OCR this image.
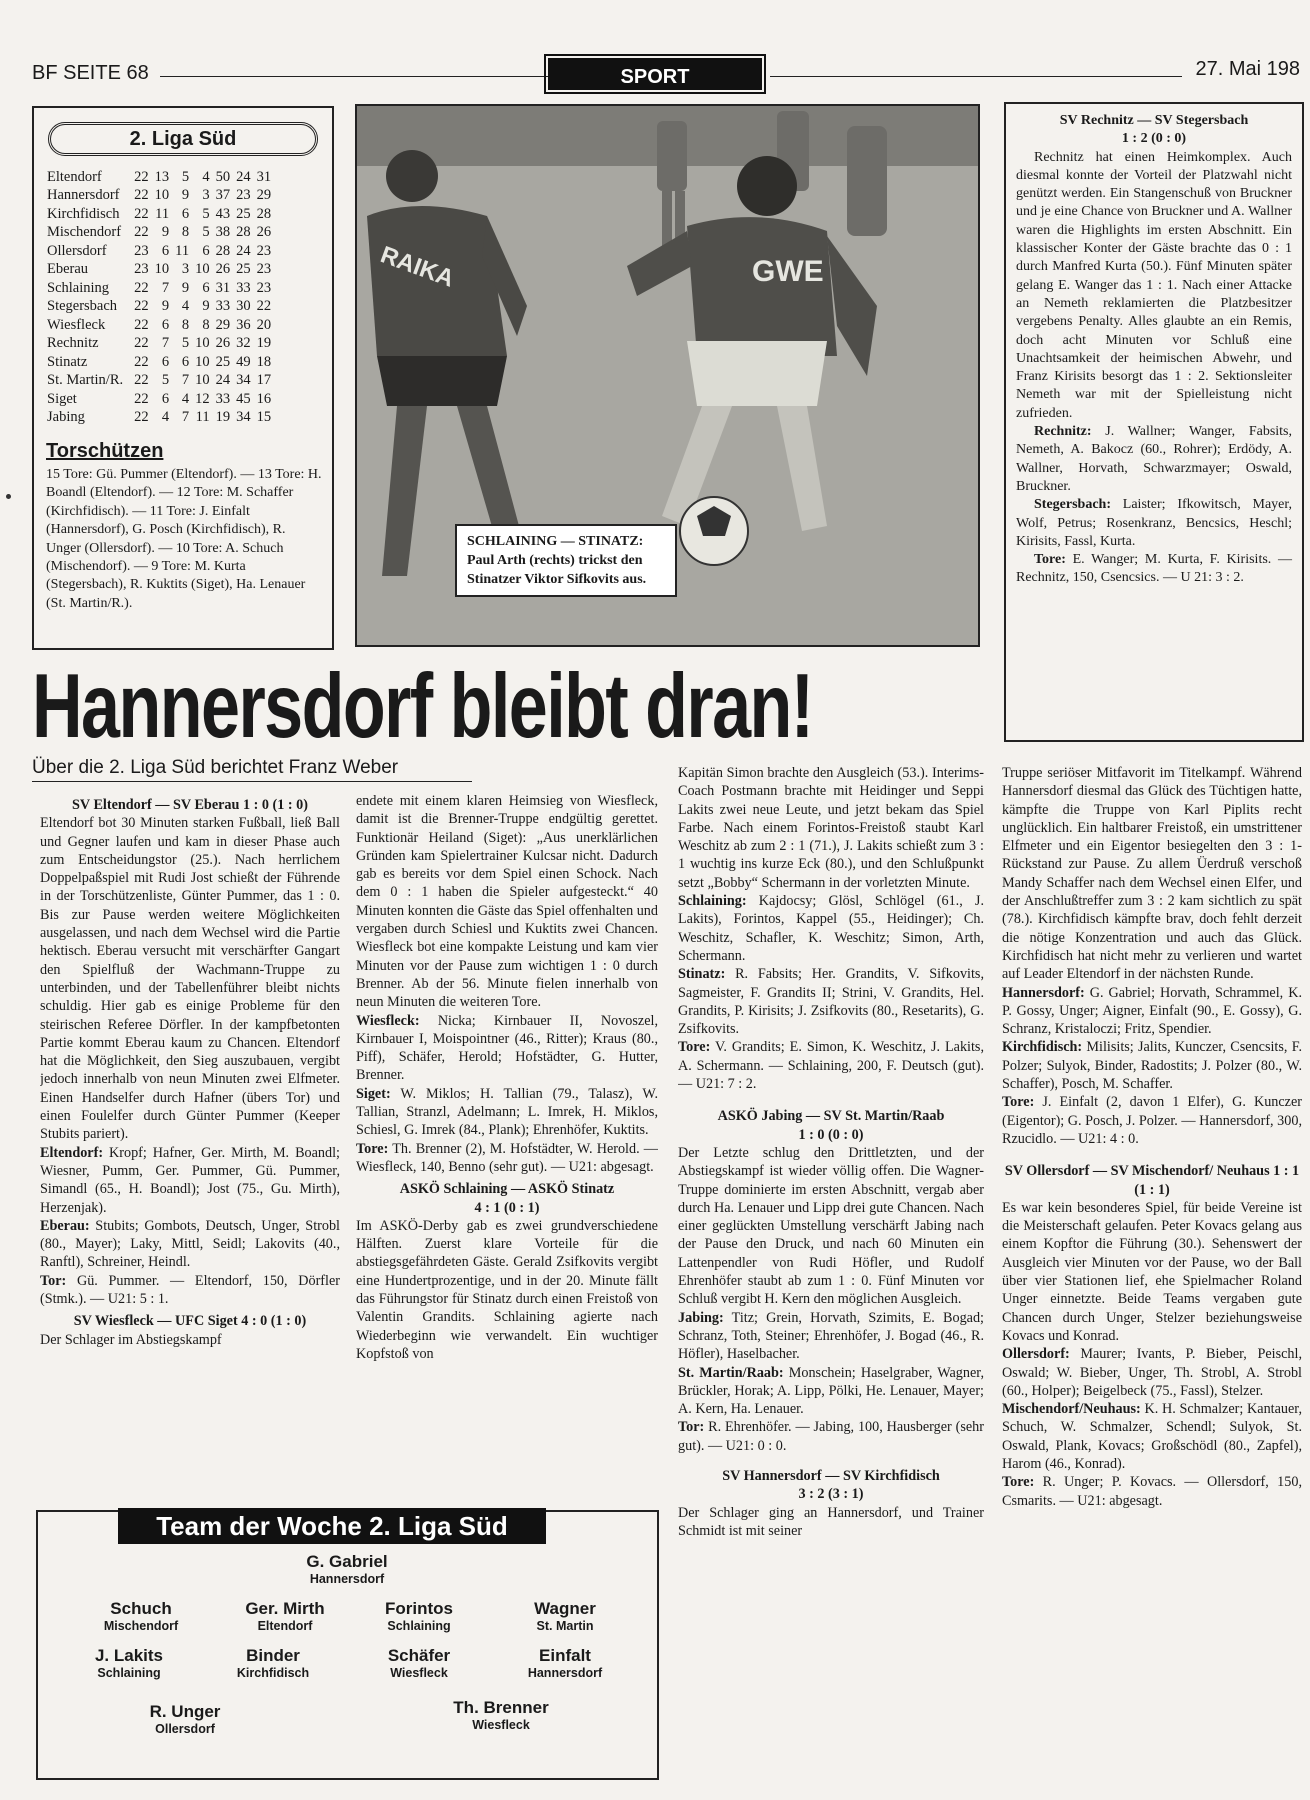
BF SEITE 68	SPORT	27. Mai 198
2. Liga Süd
Eltendorf	22	13	5	4	50	24	31
Hannersdorf	22	10	9	3	37	23	29
Kirchfidisch	22	11	6	5	43	25	28
Mischendorf	22	9	8	5	38	28	26
Ollersdorf	23	6	11	6	28	24	23
Eberau	23	10	3	10	26	25	23
Schlaining	22	7	9	6	31	33	23
Stegersbach	22	9	4	9	33	30	22
Wiesfleck	22	6	8	8	29	36	20
Rechnitz	22	7	5	10	26	32	19
Stinatz	22	6	6	10	25	49	18
St. Martin/R.	22	5	7	10	24	34	17
Siget	22	6	4	12	33	45	16
Jabing	22	4	7	11	19	34	15
Torschützen
15 Tore: Gü. Pummer (Eltendorf). — 13 Tore: H. Boandl (Eltendorf). — 12 Tore: M. Schaffer (Kirchfidisch). — 11 Tore: J. Einfalt (Hannersdorf), G. Posch (Kirchfidisch), R. Unger (Ollersdorf). — 10 Tore: A. Schuch (Mischendorf). — 9 Tore: M. Kurta (Stegersbach), R. Kuktits (Siget), Ha. Lenauer (St. Martin/R.).
RAIKA	GWE
SCHLAINING — STINATZ: Paul Arth (rechts) trickst den Stinatzer Viktor Sifkovits aus.
SV Rechnitz — SV Stegersbach
1 : 2 (0 : 0)
Rechnitz hat einen Heimkomplex. Auch diesmal konnte der Vorteil der Platzwahl nicht genützt werden. Ein Stangenschuß von Bruckner und je eine Chance von Bruckner und A. Wallner waren die Highlights im ersten Abschnitt. Ein klassischer Konter der Gäste brachte das 0 : 1 durch Manfred Kurta (50.). Fünf Minuten später gelang E. Wanger das 1 : 1. Nach einer Attacke an Nemeth reklamierten die Platzbesitzer vergebens Penalty. Alles glaubte an ein Remis, doch acht Minuten vor Schluß eine Unachtsamkeit der heimischen Abwehr, und Franz Kirisits besorgt das 1 : 2. Sektionsleiter Nemeth war mit der Spielleistung nicht zufrieden.
Rechnitz: J. Wallner; Wanger, Fabsits, Nemeth, A. Bakocz (60., Rohrer); Erdödy, A. Wallner, Horvath, Schwarzmayer; Oswald, Bruckner.
Stegersbach: Laister; Ifkowitsch, Mayer, Wolf, Petrus; Rosenkranz, Bencsics, Heschl; Kirisits, Fassl, Kurta.
Tore: E. Wanger; M. Kurta, F. Kirisits. — Rechnitz, 150, Csencsics. — U 21: 3 : 2.
Hannersdorf bleibt dran!
Über die 2. Liga Süd berichtet Franz Weber
SV Eltendorf — SV Eberau 1 : 0 (1 : 0)

Eltendorf bot 30 Minuten starken Fußball, ließ Ball und Gegner laufen und kam in dieser Phase auch zum Entscheidungstor (25.). Nach herrlichem Doppelpaßspiel mit Rudi Jost schießt der Führende in der Torschützenliste, Günter Pummer, das 1 : 0. Bis zur Pause werden weitere Möglichkeiten ausgelassen, und nach dem Wechsel wird die Partie hektisch. Eberau versucht mit verschärfter Gangart den Spielfluß der Wachmann-Truppe zu unterbinden, und der Tabellenführer bleibt nichts schuldig. Hier gab es einige Probleme für den steirischen Referee Dörfler. In der kampfbetonten Partie kommt Eberau kaum zu Chancen. Eltendorf hat die Möglichkeit, den Sieg auszubauen, vergibt jedoch innerhalb von neun Minuten zwei Elfmeter. Einen Handselfer durch Hafner (übers Tor) und einen Foulelfer durch Günter Pummer (Keeper Stubits pariert).

Eltendorf: Kropf; Hafner, Ger. Mirth, M. Boandl; Wiesner, Pumm, Ger. Pummer, Gü. Pummer, Simandl (65., H. Boandl); Jost (75., Gu. Mirth), Herzenjak).

Eberau: Stubits; Gombots, Deutsch, Unger, Strobl (80., Mayer); Laky, Mittl, Seidl; Lakovits (40., Ranftl), Schreiner, Heindl.

Tor: Gü. Pummer. — Eltendorf, 150, Dörfler (Stmk.). — U21: 5 : 1.

SV Wiesfleck — UFC Siget 4 : 0 (1 : 0)

Der Schlager im Abstiegskampf

endete mit einem klaren Heimsieg von Wiesfleck, damit ist die Brenner-Truppe endgültig gerettet. Funktionär Heiland (Siget): „Aus unerklärlichen Gründen kam Spielertrainer Kulcsar nicht. Dadurch gab es bereits vor dem Spiel einen Schock. Nach dem 0 : 1 haben die Spieler aufgesteckt.“ 40 Minuten konnten die Gäste das Spiel offenhalten und vergaben durch Schiesl und Kuktits zwei Chancen. Wiesfleck bot eine kompakte Leistung und kam vier Minuten vor der Pause zum wichtigen 1 : 0 durch Brenner. Ab der 56. Minute fielen innerhalb von neun Minuten die weiteren Tore.

Wiesfleck: Nicka; Kirnbauer II, Novoszel, Kirnbauer I, Moispointner (46., Ritter); Kraus (80., Piff), Schäfer, Herold; Hofstädter, G. Hutter, Brenner.

Siget: W. Miklos; H. Tallian (79., Talasz), W. Tallian, Stranzl, Adelmann; L. Imrek, H. Miklos, Schiesl, G. Imrek (84., Plank); Ehrenhöfer, Kuktits.

Tore: Th. Brenner (2), M. Hofstädter, W. Herold. — Wiesfleck, 140, Benno (sehr gut). — U21: abgesagt.

ASKÖ Schlaining — ASKÖ Stinatz
4 : 1 (0 : 1)

Im ASKÖ-Derby gab es zwei grundverschiedene Hälften. Zuerst klare Vorteile für die abstiegsgefährdeten Gäste. Gerald Zsifkovits vergibt eine Hundertprozentige, und in der 20. Minute fällt das Führungstor für Stinatz durch einen Freistoß von Valentin Grandits. Schlaining agierte nach Wiederbeginn wie verwandelt. Ein wuchtiger Kopfstoß von

Kapitän Simon brachte den Ausgleich (53.). Interims-Coach Postmann brachte mit Heidinger und Seppi Lakits zwei neue Leute, und jetzt bekam das Spiel Farbe. Nach einem Forintos-Freistoß staubt Karl Weschitz ab zum 2 : 1 (71.), J. Lakits schießt zum 3 : 1 wuchtig ins kurze Eck (80.), und den Schlußpunkt setzt „Bobby“ Schermann in der vorletzten Minute.

Schlaining: Kajdocsy; Glösl, Schlögel (61., J. Lakits), Forintos, Kappel (55., Heidinger); Ch. Weschitz, Schafler, K. Weschitz; Simon, Arth, Schermann.

Stinatz: R. Fabsits; Her. Grandits, V. Sifkovits, Sagmeister, F. Grandits II; Strini, V. Grandits, Hel. Grandits, P. Kirisits; J. Zsifkovits (80., Resetarits), G. Zsifkovits.

Tore: V. Grandits; E. Simon, K. Weschitz, J. Lakits, A. Schermann. — Schlaining, 200, F. Deutsch (gut). — U21: 7 : 2.

ASKÖ Jabing — SV St. Martin/Raab
1 : 0 (0 : 0)

Der Letzte schlug den Drittletzten, und der Abstiegskampf ist wieder völlig offen. Die Wagner-Truppe dominierte im ersten Abschnitt, vergab aber durch Ha. Lenauer und Lipp drei gute Chancen. Nach einer geglückten Umstellung verschärft Jabing nach der Pause den Druck, und nach 60 Minuten ein Lattenpendler von Rudi Höfler, und Rudolf Ehrenhöfer staubt ab zum 1 : 0. Fünf Minuten vor Schluß vergibt H. Kern den möglichen Ausgleich.

Jabing: Titz; Grein, Horvath, Szimits, E. Bogad; Schranz, Toth, Steiner; Ehrenhöfer, J. Bogad (46., R. Höfler), Haselbacher.

St. Martin/Raab: Monschein; Haselgraber, Wagner, Brückler, Horak; A. Lipp, Pölki, He. Lenauer, Mayer; A. Kern, Ha. Lenauer.

Tor: R. Ehrenhöfer. — Jabing, 100, Hausberger (sehr gut). — U21: 0 : 0.

SV Hannersdorf — SV Kirchfidisch
3 : 2 (3 : 1)

Der Schlager ging an Hannersdorf, und Trainer Schmidt ist mit seiner

Truppe seriöser Mitfavorit im Titelkampf. Während Hannersdorf diesmal das Glück des Tüchtigen hatte, kämpfte die Truppe von Karl Piplits recht unglücklich. Ein haltbarer Freistoß, ein umstrittener Elfmeter und ein Eigentor besiegelten den 3 : 1-Rückstand zur Pause. Zu allem Üerdruß verschoß Mandy Schaffer nach dem Wechsel einen Elfer, und der Anschlußtreffer zum 3 : 2 kam sichtlich zu spät (78.). Kirchfidisch kämpfte brav, doch fehlt derzeit die nötige Konzentration und auch das Glück. Kirchfidisch hat nicht mehr zu verlieren und wartet auf Leader Eltendorf in der nächsten Runde.

Hannersdorf: G. Gabriel; Horvath, Schrammel, K. P. Gossy, Unger; Aigner, Einfalt (90., E. Gossy), G. Schranz, Kristaloczi; Fritz, Spendier.

Kirchfidisch: Milisits; Jalits, Kunczer, Csencsits, F. Polzer; Sulyok, Binder, Radostits; J. Polzer (80., W. Schaffer), Posch, M. Schaffer.

Tore: J. Einfalt (2, davon 1 Elfer), G. Kunczer (Eigentor); G. Posch, J. Polzer. — Hannersdorf, 300, Rzucidlo. — U21: 4 : 0.

SV Ollersdorf — SV Mischendorf/ Neuhaus 1 : 1 (1 : 1)

Es war kein besonderes Spiel, für beide Vereine ist die Meisterschaft gelaufen. Peter Kovacs gelang aus einem Kopftor die Führung (30.). Sehenswert der Ausgleich vier Minuten vor der Pause, wo der Ball über vier Stationen lief, ehe Spielmacher Roland Unger einnetzte. Beide Teams vergaben gute Chancen durch Unger, Stelzer beziehungsweise Kovacs und Konrad.

Ollersdorf: Maurer; Ivants, P. Bieber, Peischl, Oswald; W. Bieber, Unger, Th. Strobl, A. Strobl (60., Holper); Beigelbeck (75., Fassl), Stelzer.

Mischendorf/Neuhaus: K. H. Schmalzer; Kantauer, Schuch, W. Schmalzer, Schendl; Sulyok, St. Oswald, Plank, Kovacs; Großschödl (80., Zapfel), Harom (46., Konrad).

Tore: R. Unger; P. Kovacs. — Ollersdorf, 150, Csmarits. — U21: abgesagt.

Team der Woche 2. Liga Süd
G. Gabriel
Hannersdorf
Schuch
Mischendorf
Ger. Mirth
Eltendorf
Forintos
Schlaining
Wagner
St. Martin
J. Lakits
Schlaining
Binder
Kirchfidisch
Schäfer
Wiesfleck
Einfalt
Hannersdorf
R. Unger
Ollersdorf
Th. Brenner
Wiesfleck
